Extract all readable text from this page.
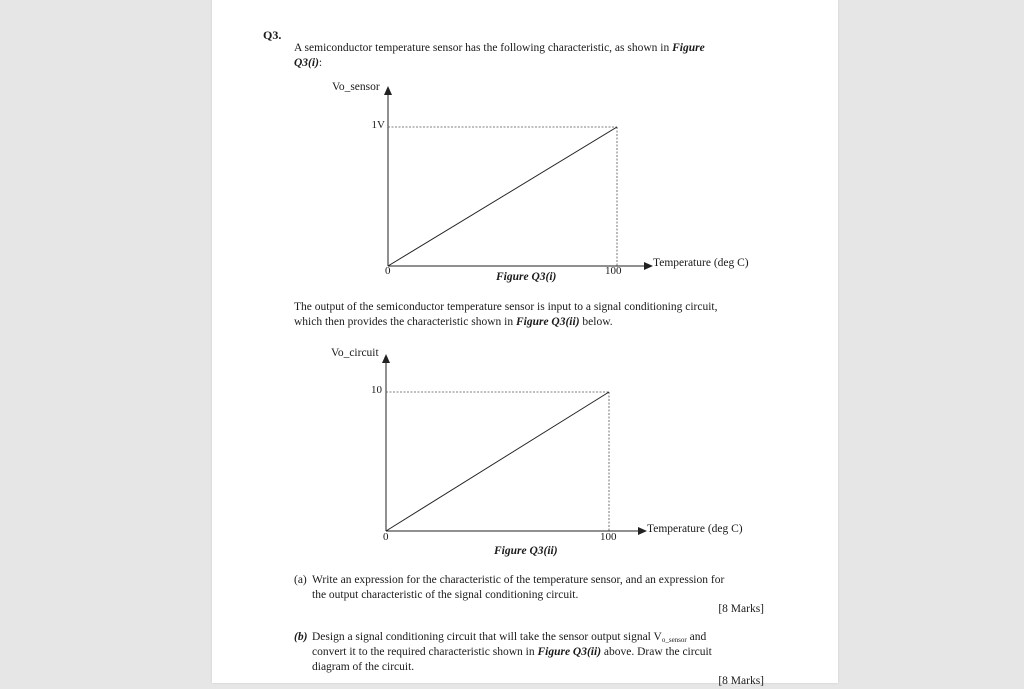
Q3.
A semiconductor temperature sensor has the following characteristic, as shown in Figure
Q3(i):
Vo_sensor
1V
0	100
Temperature (deg C)
Figure Q3(i)
The output of the semiconductor temperature sensor is input to a signal conditioning circuit,
which then provides the characteristic shown in Figure Q3(ii) below.
Vo_circuit
10
0	100
Temperature (deg C)
Figure Q3(ii)
(a) Write an expression for the characteristic of the temperature sensor, and an expression for
the output characteristic of the signal conditioning circuit.
[8 Marks]
(b) Design a signal conditioning circuit that will take the sensor output signal $V_{o\_sensor}$ and
convert it to the required characteristic shown in Figure Q3(ii) above. Draw the circuit
diagram of the circuit.
[8 Marks]
